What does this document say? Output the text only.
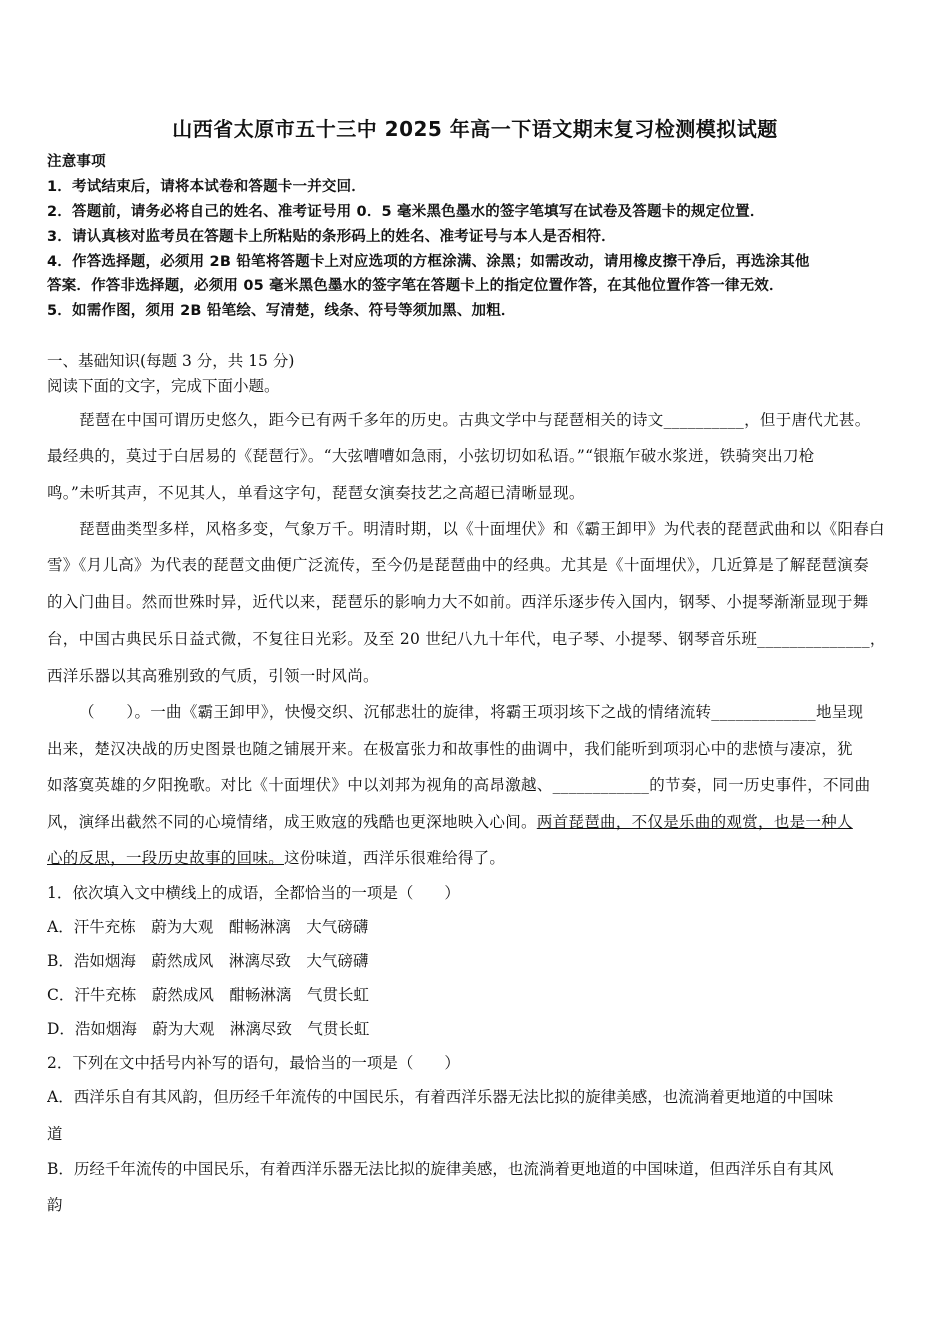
山西省太原市五十三中 2025 年高一下语文期末复习检测模拟试题
注意事项
1．考试结束后，请将本试卷和答题卡一并交回．
2．答题前，请务必将自己的姓名、准考证号用 0．5 毫米黑色墨水的签字笔填写在试卷及答题卡的规定位置．
3．请认真核对监考员在答题卡上所粘贴的条形码上的姓名、准考证号与本人是否相符．
4．作答选择题，必须用 2B 铅笔将答题卡上对应选项的方框涂满、涂黑；如需改动，请用橡皮擦干净后，再选涂其他
答案．作答非选择题，必须用 05 毫米黑色墨水的签字笔在答题卡上的指定位置作答，在其他位置作答一律无效．
5．如需作图，须用 2B 铅笔绘、写清楚，线条、符号等须加黑、加粗．
一、基础知识(每题 3 分，共 15 分)
阅读下面的文字，完成下面小题。
琵琶在中国可谓历史悠久，距今已有两千多年的历史。古典文学中与琵琶相关的诗文__________，但于唐代尤甚。
最经典的，莫过于白居易的《琵琶行》。“大弦嘈嘈如急雨，小弦切切如私语。”“银瓶乍破水浆迸，铁骑突出刀枪
鸣。”未听其声，不见其人，单看这字句，琵琶女演奏技艺之高超已清晰显现。
琵琶曲类型多样，风格多变，气象万千。明清时期，以《十面埋伏》和《霸王卸甲》为代表的琵琶武曲和以《阳春白
雪》《月儿高》为代表的琵琶文曲便广泛流传，至今仍是琵琶曲中的经典。尤其是《十面埋伏》，几近算是了解琵琶演奏
的入门曲目。然而世殊时异，近代以来，琵琶乐的影响力大不如前。西洋乐逐步传入国内，钢琴、小提琴渐渐显现于舞
台，中国古典民乐日益式微，不复往日光彩。及至 20 世纪八九十年代，电子琴、小提琴、钢琴音乐班______________，
西洋乐器以其高雅别致的气质，引领一时风尚。
（　　）。一曲《霸王卸甲》，快慢交织、沉郁悲壮的旋律，将霸王项羽垓下之战的情绪流转_____________地呈现
出来，楚汉决战的历史图景也随之铺展开来。在极富张力和故事性的曲调中，我们能听到项羽心中的悲愤与凄凉，犹
如落寞英雄的夕阳挽歌。对比《十面埋伏》中以刘邦为视角的高昂激越、____________的节奏，同一历史事件，不同曲
风，演绎出截然不同的心境情绪，成王败寇的残酷也更深地映入心间。两首琵琶曲，不仅是乐曲的观赏，也是一种人
心的反思，一段历史故事的回味。这份味道，西洋乐很难给得了。
1．依次填入文中横线上的成语，全都恰当的一项是（　　）
A．汗牛充栋　蔚为大观　酣畅淋漓　大气磅礴
B．浩如烟海　蔚然成风　淋漓尽致　大气磅礴
C．汗牛充栋　蔚然成风　酣畅淋漓　气贯长虹
D．浩如烟海　蔚为大观　淋漓尽致　气贯长虹
2．下列在文中括号内补写的语句，最恰当的一项是（　　）
A．西洋乐自有其风韵，但历经千年流传的中国民乐，有着西洋乐器无法比拟的旋律美感，也流淌着更地道的中国味
道
B．历经千年流传的中国民乐，有着西洋乐器无法比拟的旋律美感，也流淌着更地道的中国味道，但西洋乐自有其风
韵
